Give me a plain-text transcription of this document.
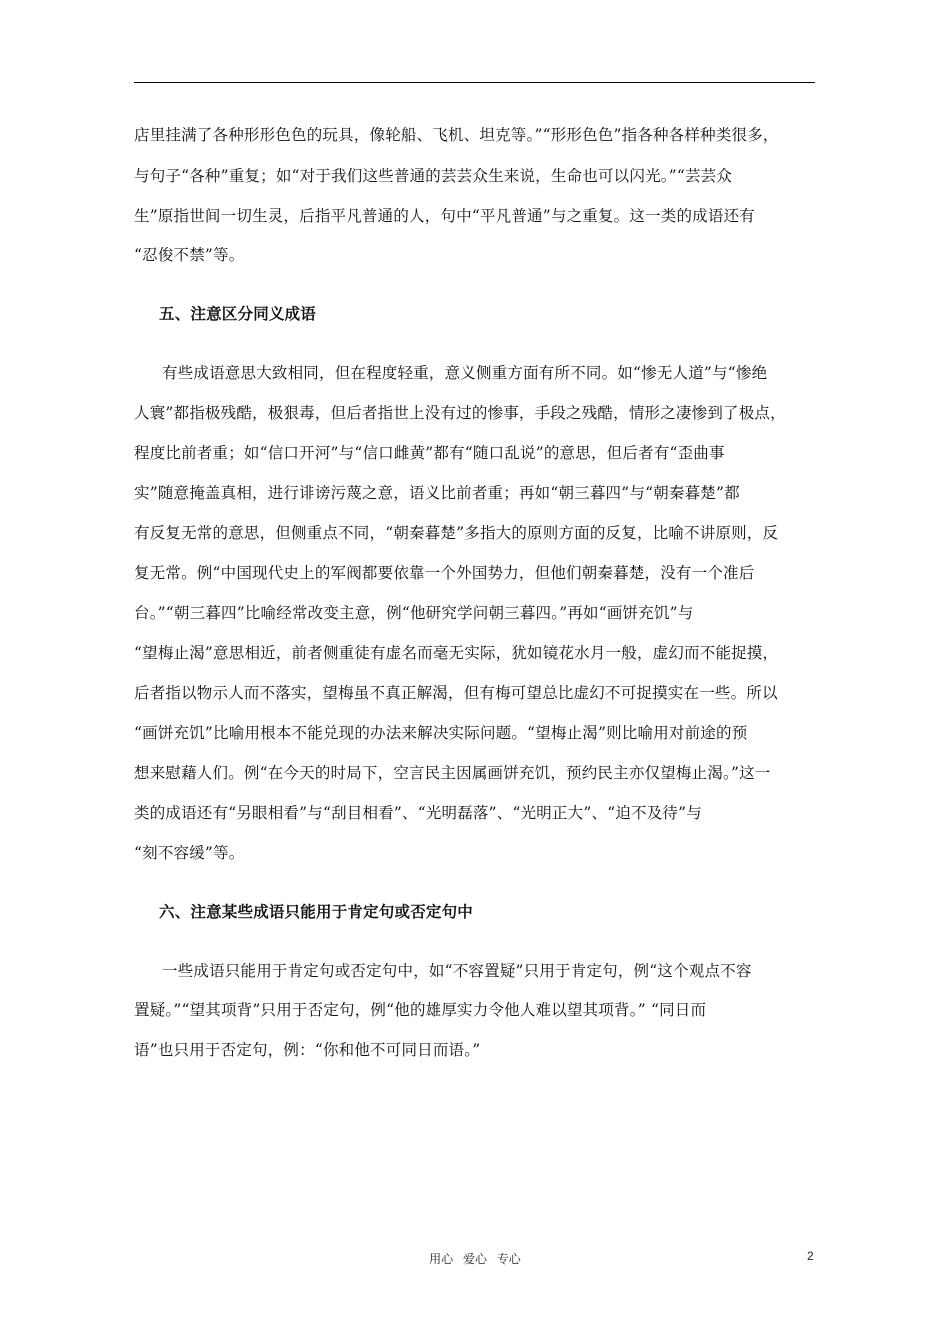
店里挂满了各种形形色色的玩具，像轮船、飞机、坦克等。”“形形色色”指各种各样种类很多，
与句子“各种”重复；如“对于我们这些普通的芸芸众生来说，生命也可以闪光。”“芸芸众
生”原指世间一切生灵，后指平凡普通的人，句中“平凡普通”与之重复。这一类的成语还有
“忍俊不禁”等。
五、注意区分同义成语
有些成语意思大致相同，但在程度轻重，意义侧重方面有所不同。如“惨无人道”与“惨绝
人寰”都指极残酷，极狠毒，但后者指世上没有过的惨事，手段之残酷，情形之凄惨到了极点，
程度比前者重；如“信口开河”与“信口雌黄”都有“随口乱说”的意思，但后者有“歪曲事
实”随意掩盖真相，进行诽谤污蔑之意，语义比前者重；再如“朝三暮四”与“朝秦暮楚”都
有反复无常的意思，但侧重点不同，“朝秦暮楚”多指大的原则方面的反复，比喻不讲原则，反
复无常。例“中国现代史上的军阀都要依靠一个外国势力，但他们朝秦暮楚，没有一个准后
台。”“朝三暮四”比喻经常改变主意，例“他研究学问朝三暮四。”再如“画饼充饥”与
“望梅止渴”意思相近，前者侧重徒有虚名而毫无实际，犹如镜花水月一般，虚幻而不能捉摸，
后者指以物示人而不落实，望梅虽不真正解渴，但有梅可望总比虚幻不可捉摸实在一些。所以
“画饼充饥”比喻用根本不能兑现的办法来解决实际问题。“望梅止渴”则比喻用对前途的预
想来慰藉人们。例“在今天的时局下，空言民主因属画饼充饥，预约民主亦仅望梅止渴。”这一
类的成语还有“另眼相看”与“刮目相看”、“光明磊落”、“光明正大”、“迫不及待”与
“刻不容缓”等。
六、注意某些成语只能用于肯定句或否定句中
一些成语只能用于肯定句或否定句中，如“不容置疑”只用于肯定句，例“这个观点不容
置疑。”“望其项背”只用于否定句，例“他的雄厚实力令他人难以望其项背。” “同日而
语”也只用于否定句，例：“你和他不可同日而语。”
用心 爱心 专心	2
